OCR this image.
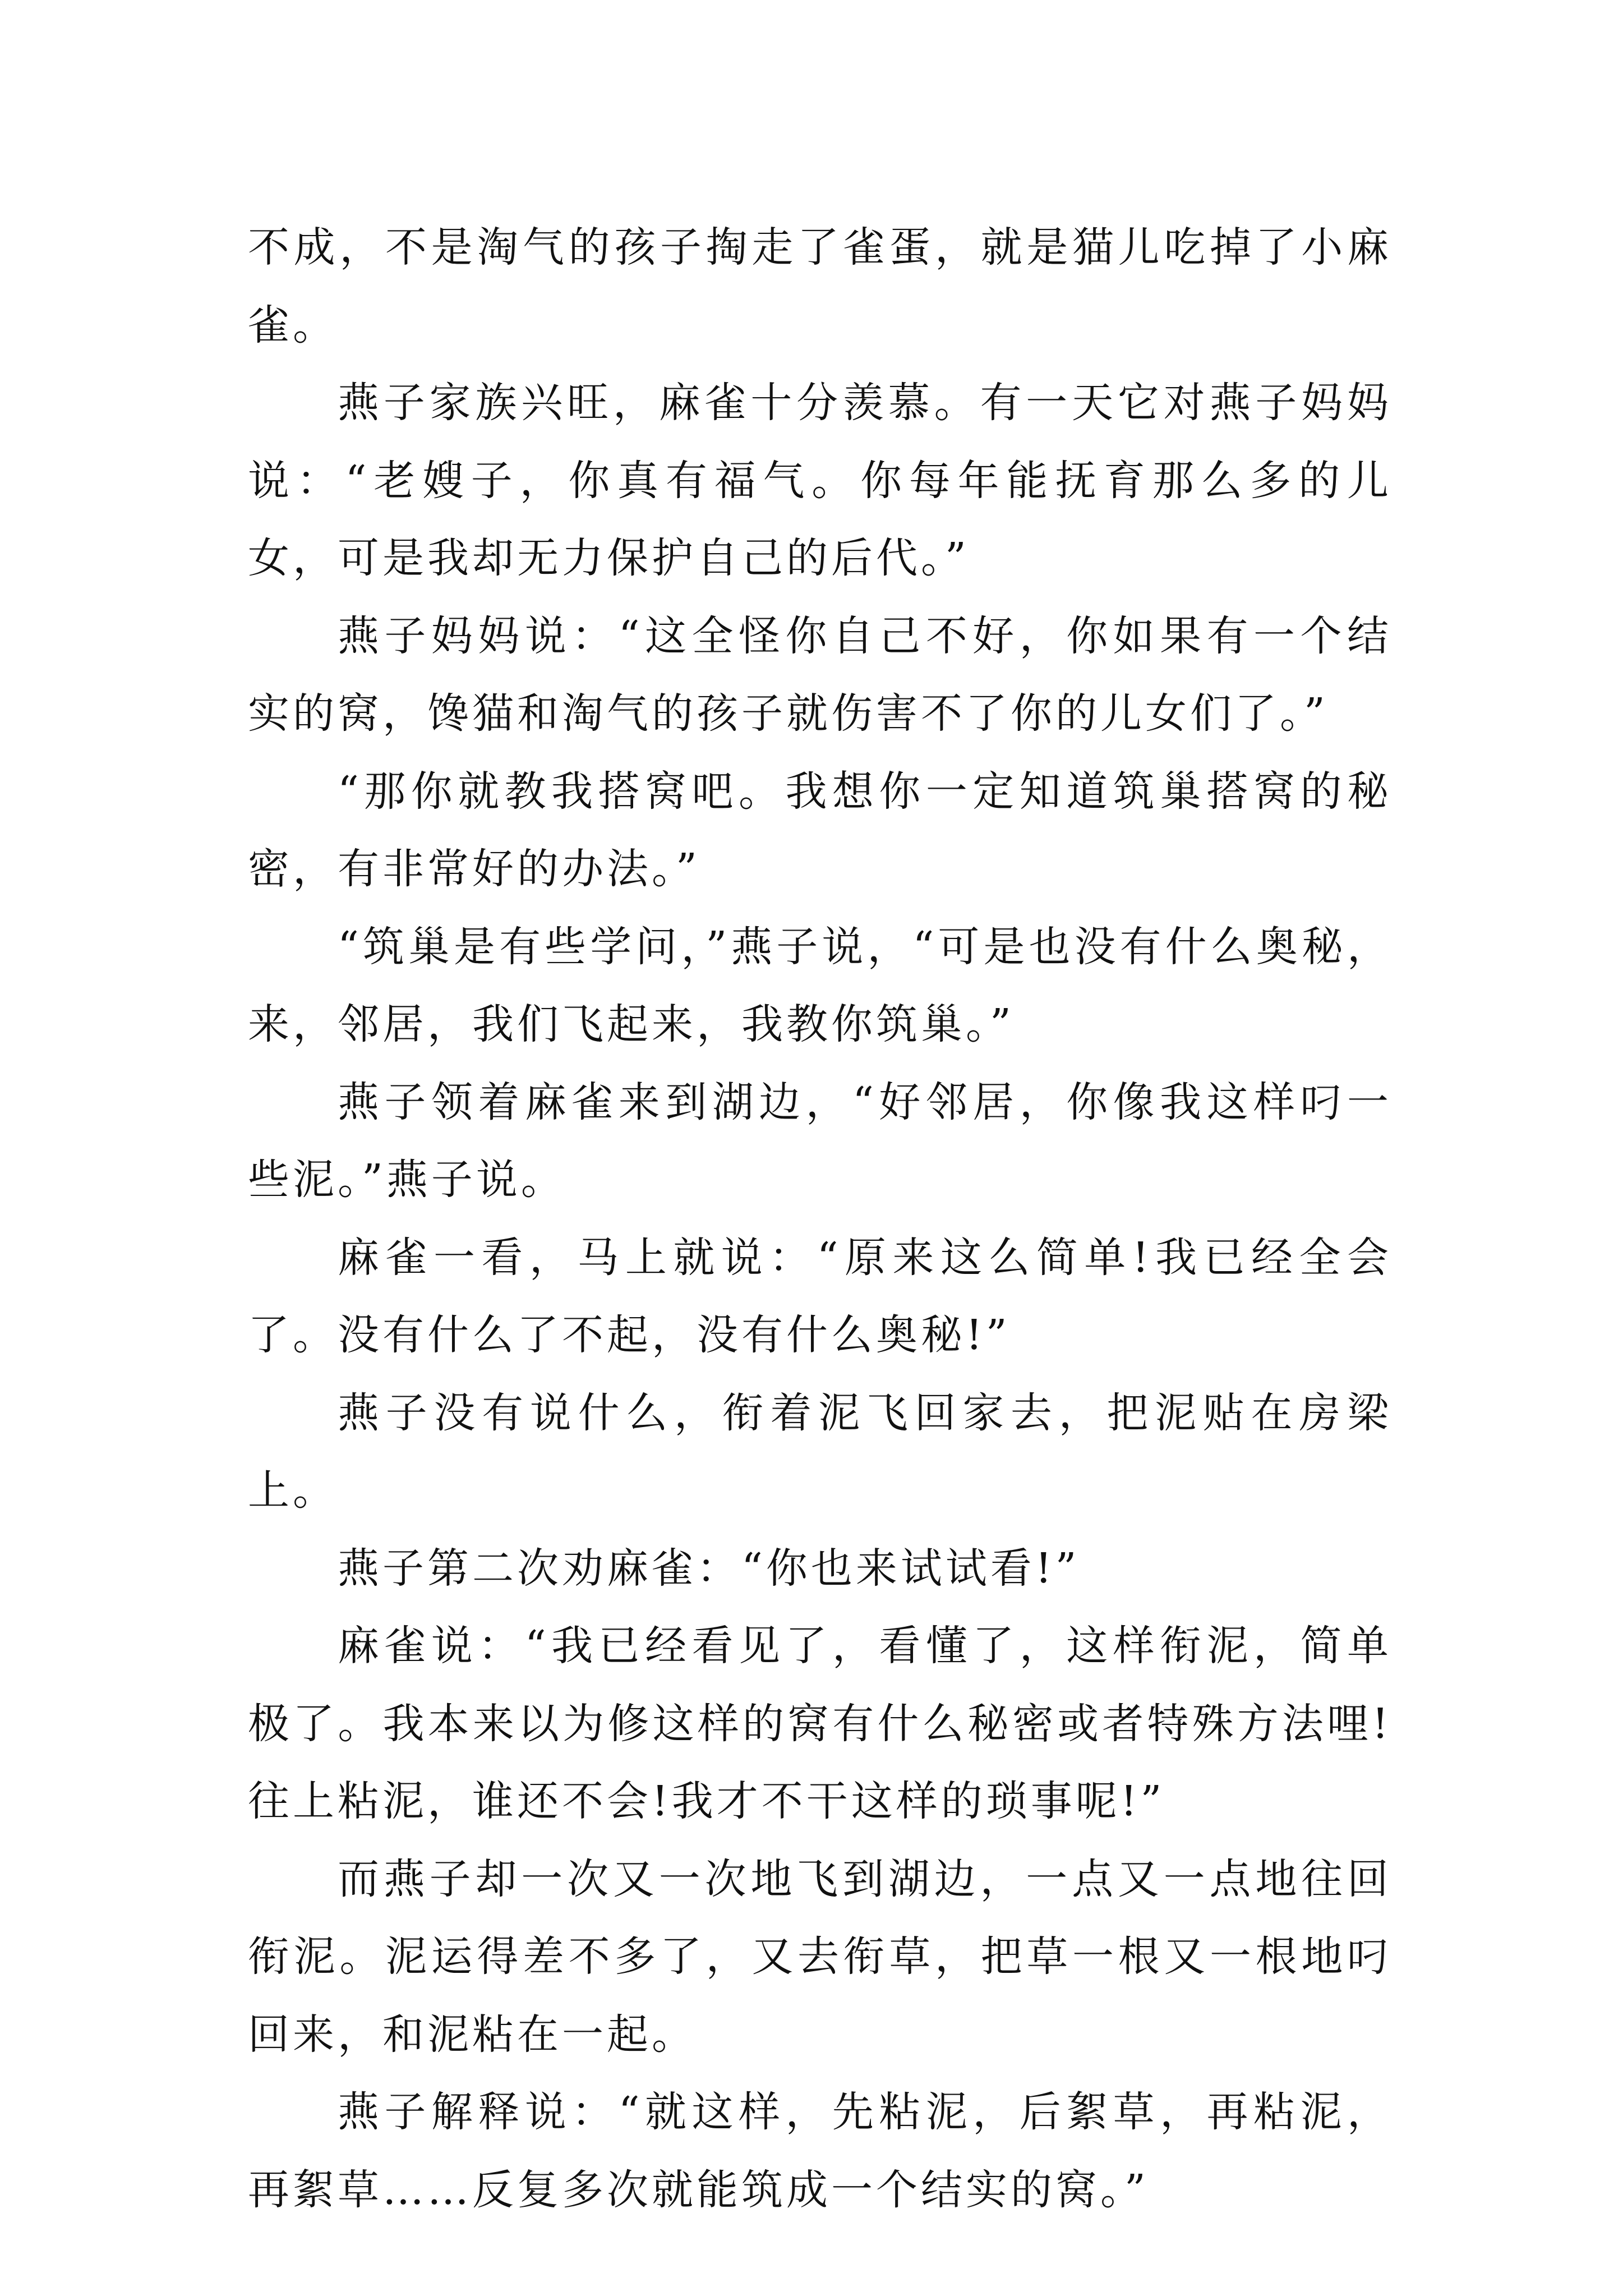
不成，不是淘气的孩子掏走了雀蛋，就是猫儿吃掉了小麻雀。

燕子家族兴旺，麻雀十分羡慕。有一天它对燕子妈妈说：“老嫂子，你真有福气。你每年能抚育那么多的儿女，可是我却无力保护自己的后代。”

燕子妈妈说：“这全怪你自己不好，你如果有一个结实的窝，馋猫和淘气的孩子就伤害不了你的儿女们了。”

“那你就教我搭窝吧。我想你一定知道筑巢搭窝的秘密，有非常好的办法。”

“筑巢是有些学问，”燕子说，“可是也没有什么奥秘，来，邻居，我们飞起来，我教你筑巢。”

燕子领着麻雀来到湖边，“好邻居，你像我这样叼一些泥。”燕子说。

麻雀一看，马上就说：“原来这么简单!我已经全会了。没有什么了不起，没有什么奥秘!”

燕子没有说什么，衔着泥飞回家去，把泥贴在房梁上。

燕子第二次劝麻雀：“你也来试试看!”

麻雀说：“我已经看见了，看懂了，这样衔泥，简单极了。我本来以为修这样的窝有什么秘密或者特殊方法哩!往上粘泥，谁还不会!我才不干这样的琐事呢!”

而燕子却一次又一次地飞到湖边，一点又一点地往回衔泥。泥运得差不多了，又去衔草，把草一根又一根地叼回来，和泥粘在一起。

燕子解释说：“就这样，先粘泥，后絮草，再粘泥，再絮草……反复多次就能筑成一个结实的窝。”
